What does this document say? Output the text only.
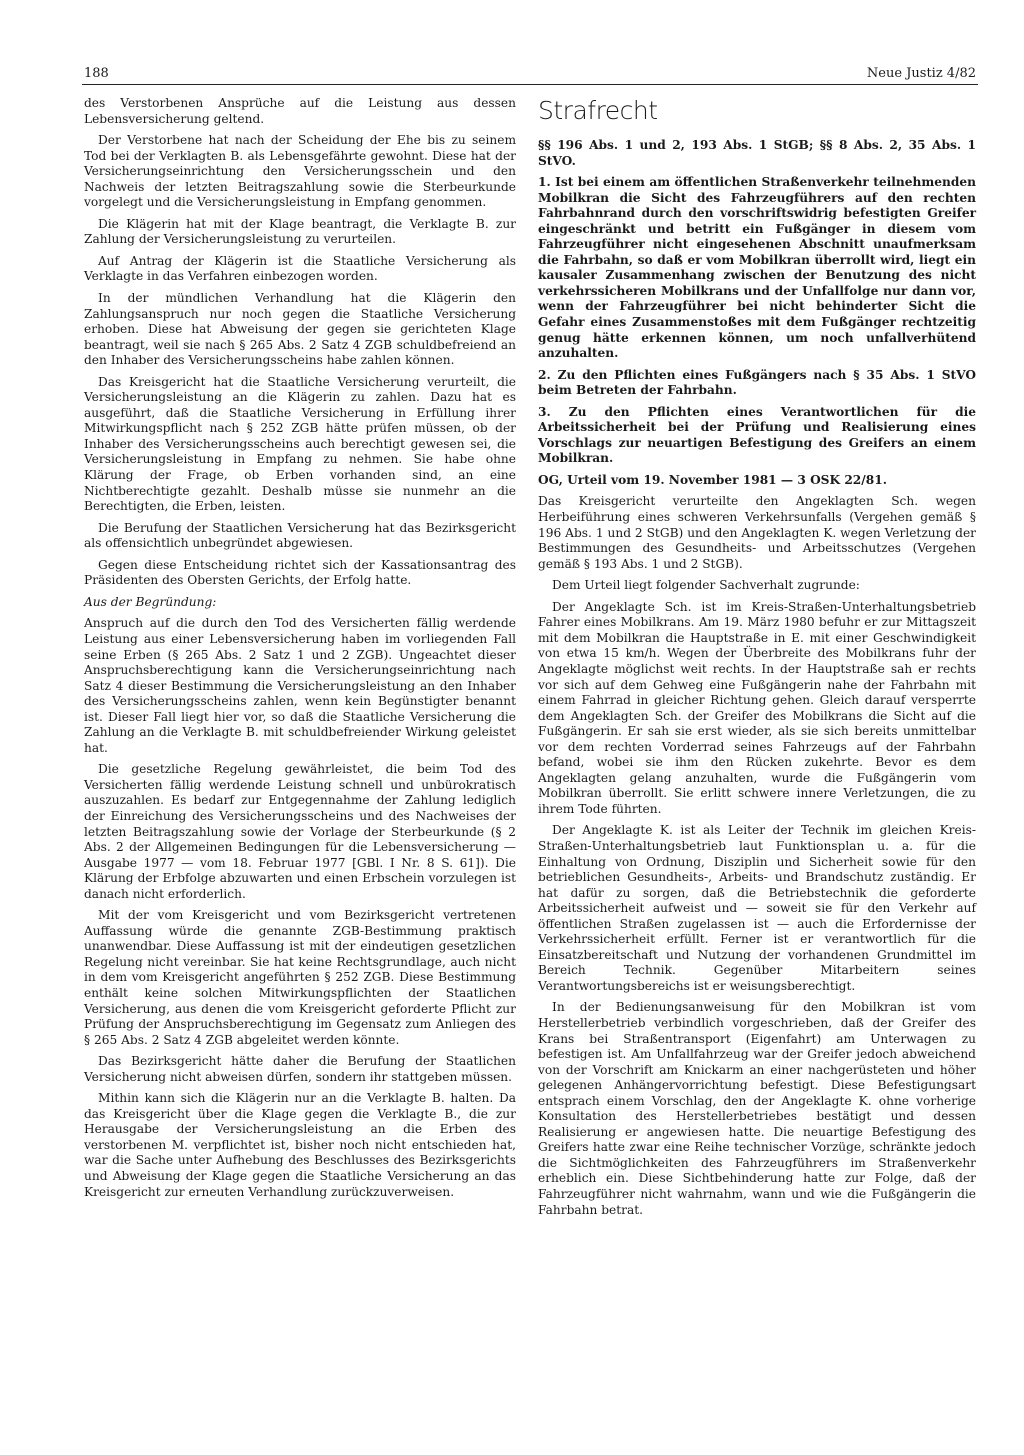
188	Neue Justiz 4/82

des Verstorbenen Ansprüche auf die Leistung aus dessen Lebensversicherung geltend.

Der Verstorbene hat nach der Scheidung der Ehe bis zu seinem Tod bei der Verklagten B. als Lebensgefährte gewohnt. Diese hat der Versicherungseinrichtung den Versicherungsschein und den Nachweis der letzten Beitragszahlung sowie die Sterbeurkunde vorgelegt und die Versicherungsleistung in Empfang genommen.

Die Klägerin hat mit der Klage beantragt, die Verklagte B. zur Zahlung der Versicherungsleistung zu verurteilen.

Auf Antrag der Klägerin ist die Staatliche Versicherung als Verklagte in das Verfahren einbezogen worden.

In der mündlichen Verhandlung hat die Klägerin den Zahlungsanspruch nur noch gegen die Staatliche Versicherung erhoben. Diese hat Abweisung der gegen sie gerichteten Klage beantragt, weil sie nach § 265 Abs. 2 Satz 4 ZGB schuldbefreiend an den Inhaber des Versicherungsscheins habe zahlen können.

Das Kreisgericht hat die Staatliche Versicherung verurteilt, die Versicherungsleistung an die Klägerin zu zahlen. Dazu hat es ausgeführt, daß die Staatliche Versicherung in Erfüllung ihrer Mitwirkungspflicht nach § 252 ZGB hätte prüfen müssen, ob der Inhaber des Versicherungsscheins auch berechtigt gewesen sei, die Versicherungsleistung in Empfang zu nehmen. Sie habe ohne Klärung der Frage, ob Erben vorhanden sind, an eine Nichtberechtigte gezahlt. Deshalb müsse sie nunmehr an die Berechtigten, die Erben, leisten.

Die Berufung der Staatlichen Versicherung hat das Bezirksgericht als offensichtlich unbegründet abgewiesen.

Gegen diese Entscheidung richtet sich der Kassationsantrag des Präsidenten des Obersten Gerichts, der Erfolg hatte.

Aus der Begründung:

Anspruch auf die durch den Tod des Versicherten fällig werdende Leistung aus einer Lebensversicherung haben im vorliegenden Fall seine Erben (§ 265 Abs. 2 Satz 1 und 2 ZGB). Ungeachtet dieser Anspruchsberechtigung kann die Versicherungseinrichtung nach Satz 4 dieser Bestimmung die Versicherungsleistung an den Inhaber des Versicherungsscheins zahlen, wenn kein Begünstigter benannt ist. Dieser Fall liegt hier vor, so daß die Staatliche Versicherung die Zahlung an die Verklagte B. mit schuldbefreiender Wirkung geleistet hat.

Die gesetzliche Regelung gewährleistet, die beim Tod des Versicherten fällig werdende Leistung schnell und unbürokratisch auszuzahlen. Es bedarf zur Entgegennahme der Zahlung lediglich der Einreichung des Versicherungsscheins und des Nachweises der letzten Beitragszahlung sowie der Vorlage der Sterbeurkunde (§ 2 Abs. 2 der Allgemeinen Bedingungen für die Lebensversicherung — Ausgabe 1977 — vom 18. Februar 1977 [GBl. I Nr. 8 S. 61]). Die Klärung der Erbfolge abzuwarten und einen Erbschein vorzulegen ist danach nicht erforderlich.

Mit der vom Kreisgericht und vom Bezirksgericht vertretenen Auffassung würde die genannte ZGB-Bestimmung praktisch unanwendbar. Diese Auffassung ist mit der eindeutigen gesetzlichen Regelung nicht vereinbar. Sie hat keine Rechtsgrundlage, auch nicht in dem vom Kreisgericht angeführten § 252 ZGB. Diese Bestimmung enthält keine solchen Mitwirkungspflichten der Staatlichen Versicherung, aus denen die vom Kreisgericht geforderte Pflicht zur Prüfung der Anspruchsberechtigung im Gegensatz zum Anliegen des § 265 Abs. 2 Satz 4 ZGB abgeleitet werden könnte.

Das Bezirksgericht hätte daher die Berufung der Staatlichen Versicherung nicht abweisen dürfen, sondern ihr stattgeben müssen.

Mithin kann sich die Klägerin nur an die Verklagte B. halten. Da das Kreisgericht über die Klage gegen die Verklagte B., die zur Herausgabe der Versicherungsleistung an die Erben des verstorbenen M. verpflichtet ist, bisher noch nicht entschieden hat, war die Sache unter Aufhebung des Beschlusses des Bezirksgerichts und Abweisung der Klage gegen die Staatliche Versicherung an das Kreisgericht zur erneuten Verhandlung zurückzuverweisen.

Strafrecht

§§ 196 Abs. 1 und 2, 193 Abs. 1 StGB; §§ 8 Abs. 2, 35 Abs. 1 StVO.

1. Ist bei einem am öffentlichen Straßenverkehr teilnehmenden Mobilkran die Sicht des Fahrzeugführers auf den rechten Fahrbahnrand durch den vorschriftswidrig befestigten Greifer eingeschränkt und betritt ein Fußgänger in diesem vom Fahrzeugführer nicht eingesehenen Abschnitt unaufmerksam die Fahrbahn, so daß er vom Mobilkran überrollt wird, liegt ein kausaler Zusammenhang zwischen der Benutzung des nicht verkehrssicheren Mobilkrans und der Unfallfolge nur dann vor, wenn der Fahrzeugführer bei nicht behinderter Sicht die Gefahr eines Zusammenstoßes mit dem Fußgänger rechtzeitig genug hätte erkennen können, um noch unfallverhütend anzuhalten.

2. Zu den Pflichten eines Fußgängers nach § 35 Abs. 1 StVO beim Betreten der Fahrbahn.

3. Zu den Pflichten eines Verantwortlichen für die Arbeitssicherheit bei der Prüfung und Realisierung eines Vorschlags zur neuartigen Befestigung des Greifers an einem Mobilkran.

OG, Urteil vom 19. November 1981 — 3 OSK 22/81.

Das Kreisgericht verurteilte den Angeklagten Sch. wegen Herbeiführung eines schweren Verkehrsunfalls (Vergehen gemäß § 196 Abs. 1 und 2 StGB) und den Angeklagten K. wegen Verletzung der Bestimmungen des Gesundheits- und Arbeitsschutzes (Vergehen gemäß § 193 Abs. 1 und 2 StGB).

Dem Urteil liegt folgender Sachverhalt zugrunde:

Der Angeklagte Sch. ist im Kreis-Straßen-Unterhaltungsbetrieb Fahrer eines Mobilkrans. Am 19. März 1980 befuhr er zur Mittagszeit mit dem Mobilkran die Hauptstraße in E. mit einer Geschwindigkeit von etwa 15 km/h. Wegen der Überbreite des Mobilkrans fuhr der Angeklagte möglichst weit rechts. In der Hauptstraße sah er rechts vor sich auf dem Gehweg eine Fußgängerin nahe der Fahrbahn mit einem Fahrrad in gleicher Richtung gehen. Gleich darauf versperrte dem Angeklagten Sch. der Greifer des Mobilkrans die Sicht auf die Fußgängerin. Er sah sie erst wieder, als sie sich bereits unmittelbar vor dem rechten Vorderrad seines Fahrzeugs auf der Fahrbahn befand, wobei sie ihm den Rücken zukehrte. Bevor es dem Angeklagten gelang anzuhalten, wurde die Fußgängerin vom Mobilkran überrollt. Sie erlitt schwere innere Verletzungen, die zu ihrem Tode führten.

Der Angeklagte K. ist als Leiter der Technik im gleichen Kreis-Straßen-Unterhaltungsbetrieb laut Funktionsplan u. a. für die Einhaltung von Ordnung, Disziplin und Sicherheit sowie für den betrieblichen Gesundheits-, Arbeits- und Brandschutz zuständig. Er hat dafür zu sorgen, daß die Betriebstechnik die geforderte Arbeitssicherheit aufweist und — soweit sie für den Verkehr auf öffentlichen Straßen zugelassen ist — auch die Erfordernisse der Verkehrssicherheit erfüllt. Ferner ist er verantwortlich für die Einsatzbereitschaft und Nutzung der vorhandenen Grundmittel im Bereich Technik. Gegenüber Mitarbeitern seines Verantwortungsbereichs ist er weisungsberechtigt.

In der Bedienungsanweisung für den Mobilkran ist vom Herstellerbetrieb verbindlich vorgeschrieben, daß der Greifer des Krans bei Straßentransport (Eigenfahrt) am Unterwagen zu befestigen ist. Am Unfallfahrzeug war der Greifer jedoch abweichend von der Vorschrift am Knickarm an einer nachgerüsteten und höher gelegenen Anhängervorrichtung befestigt. Diese Befestigungsart entsprach einem Vorschlag, den der Angeklagte K. ohne vorherige Konsultation des Herstellerbetriebes bestätigt und dessen Realisierung er angewiesen hatte. Die neuartige Befestigung des Greifers hatte zwar eine Reihe technischer Vorzüge, schränkte jedoch die Sichtmöglichkeiten des Fahrzeugführers im Straßenverkehr erheblich ein. Diese Sichtbehinderung hatte zur Folge, daß der Fahrzeugführer nicht wahrnahm, wann und wie die Fußgängerin die Fahrbahn betrat.
